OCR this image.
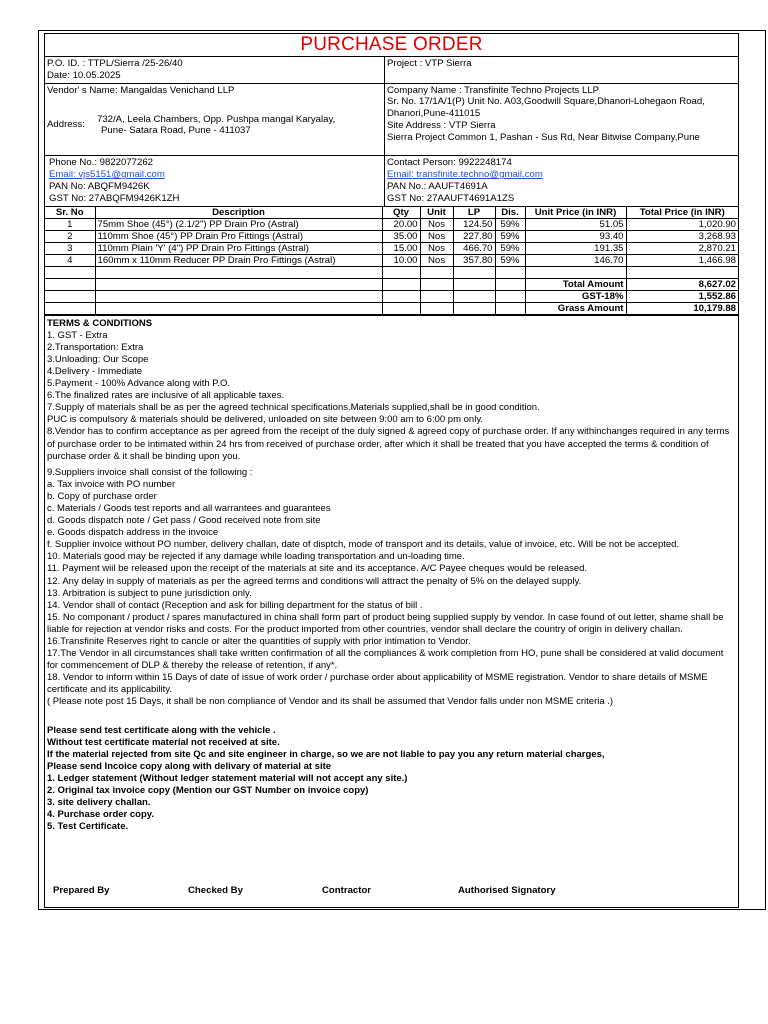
PURCHASE ORDER
P.O. ID. : TTPL/Sierra /25-26/40
Date: 10.05.2025
Project : VTP Sierra
Vendor' s Name: Mangaldas Venichand LLP
Address:
732/A, Leela Chambers, Opp. Pushpa mangal Karyalay,
Pune- Satara Road, Pune - 411037
Company Name : Transfinite Techno Projects LLP
Sr. No. 17/1A/1(P) Unit No. A03,Goodwill Square,Dhanori-Lohegaon Road,
Dhanori,Pune-411015
Site Address : VTP Sierra
Sierra Project Common 1, Pashan - Sus Rd, Near Bitwise Company,Pune
Phone No.: 9822077262
Email: vjs5151@gmail.com
PAN No: ABQFM9426K
GST No: 27ABQFM9426K1ZH
Contact Person: 9922248174
Email: transfinite.techno@gmail.com
PAN No.: AAUFT4691A
GST No: 27AAUFT4691A1ZS
Sr. No	Description	Qty	Unit	LP	Dis.	Unit Price (in INR)	Total Price (in INR)
1	75mm Shoe (45°) (2.1/2") PP Drain Pro (Astral)	20.00	Nos	124.50	59%	51.05	1,020.90
2	110mm Shoe (45°) PP Drain Pro Fittings (Astral)	35.00	Nos	227.80	59%	93.40	3,268.93
3	110mm Plain 'Y' (4") PP Drain Pro Fittings (Astral)	15.00	Nos	466.70	59%	191.35	2,870.21
4	160mm x 110mm Reducer PP Drain Pro Fittings (Astral)	10.00	Nos	357.80	59%	146.70	1,466.98

						Total Amount	8,627.02
						GST-18%	1,552.86
						Grass Amount	10,179.88

TERMS & CONDITIONS

1. GST - Extra

2.Transportation: Extra

3.Unloading: Our Scope

4.Delivery - Immediate

5.Payment - 100% Advance along with P.O.

6.The finalized rates are inclusive of all applicable taxes.

7.Supply of materials shall be as per the agreed technical specifications.Materials supplied,shall be in good condition.

PUC is compulsory & materials should be delivered, unloaded on site between 9:00 am to 6:00 pm only.

8.Vendor has to confirm acceptance as per agreed from the receipt of the duly signed & agreed copy of purchase order. If any withinchanges required in any terms of purchase order to be intimated within 24 hrs from received of purchase order, after which it shall be treated that you have accepted the terms & condition of purchase order & it shall be binding upon you.

9.Suppliers invoice shall consist of the following :

a. Tax invoice with PO number

b. Copy of purchase order

c. Materials / Goods test reports and all warrantees and guarantees

d. Goods dispatch note / Get pass / Good received note from site

e. Goods dispatch address in the invoice

f. Supplier invoice without PO number, delivery challan, date of disptch, mode of transport and its details, value of invoice, etc. Will be not be accepted.

10. Materials good may be rejected if any damage while loading transportation and un-loading time.

11. Payment wiil be released upon the receipt of the materials at site and its acceptance. A/C Payee cheques would be released.

12. Any delay in supply of materials as per the agreed terms and conditions will attract the penalty of 5% on the delayed supply.

13. Arbitration is subject to pune jurisdiction only.

14. Vendor shall of contact (Reception and ask for billing department for the status of bill .

15. No componant / product / spares manufactured in china shall form part of product being supplied supply by vendor. In case found of out letter, shame shall be liable for rejection at vendor risks and costs. For the product imported from other countries, vendor shall declare the country of origin in delivery challan.

16.Transfinite Reserves right to cancle or alter the quantities of supply with prior intimation to Vendor.

17.The Vendor in all circumstances shall take written confirmation of all the compliances & work completion from HO, pune shall be considered at valid document for commencement of DLP & thereby the release of retention, if any*.

18. Vendor to inform within 15 Days of date of issue of work order / purchase order about applicability of MSME registration. Vendor to share details of MSME certificate and its applicability.

( Please note post 15 Days, it shall be non compliance of Vendor and its shall be assumed that Vendor falls under non MSME criteria .)

Please send test certificate along with the vehicle .

Without test certificate material not received at site.

If the material rejected from site Qc and site engineer in charge, so we are not liable to pay you any return material charges,

Please send Incoice copy along with delivary of material at site

1. Ledger statement (Without ledger statement material will not accept any site.)

2. Original tax invoice copy (Mention our GST Number on invoice copy)

3. site delivery challan.

4. Purchase order copy.

5. Test Certificate.

Prepared By	Checked By	Contractor	Authorised Signatory
